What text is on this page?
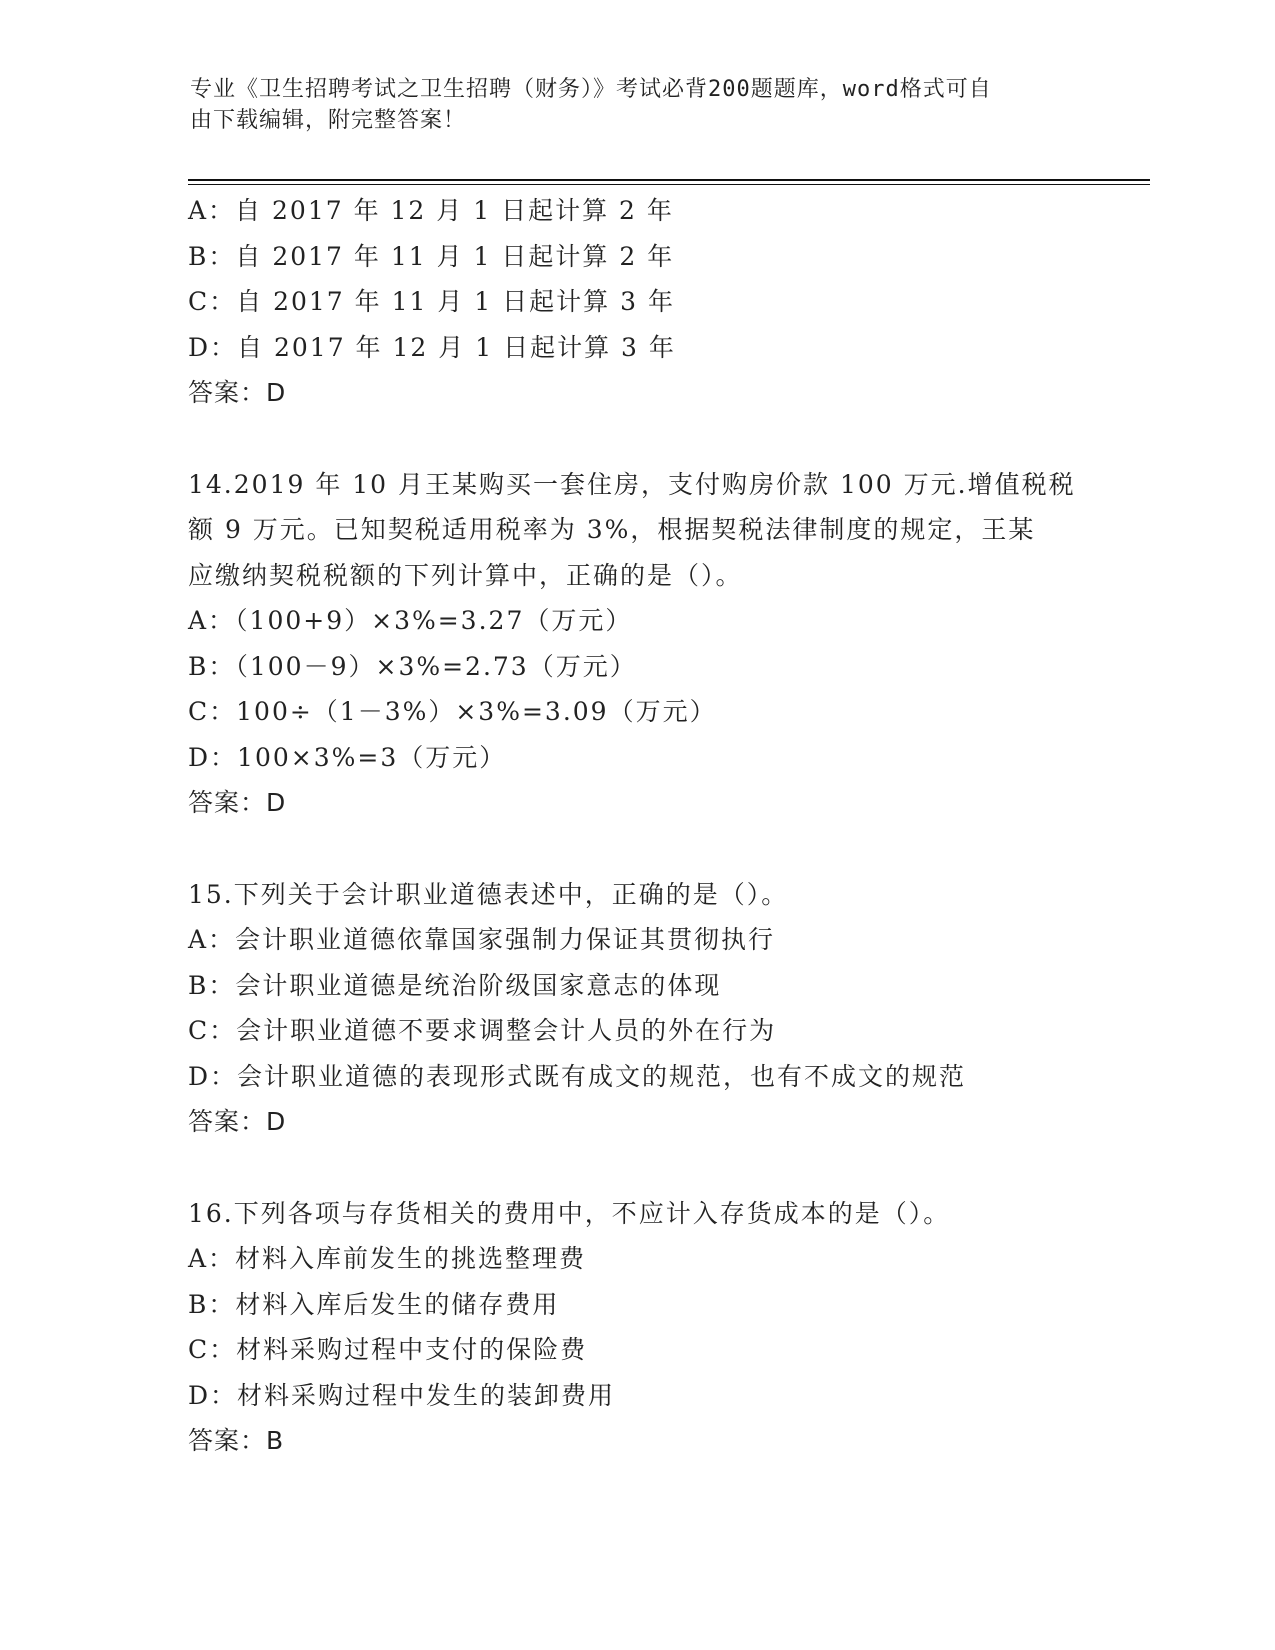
专业《卫生招聘考试之卫生招聘（财务）》考试必背200题题库，word格式可自
由下载编辑，附完整答案！
A：自 2017 年 12 月 1 日起计算 2 年
B：自 2017 年 11 月 1 日起计算 2 年
C：自 2017 年 11 月 1 日起计算 3 年
D：自 2017 年 12 月 1 日起计算 3 年
答案：D
14.2019 年 10 月王某购买一套住房，支付购房价款 100 万元.增值税税
额 9 万元。已知契税适用税率为 3%，根据契税法律制度的规定，王某
应缴纳契税税额的下列计算中，正确的是（）。
A：（100+9）×3%=3.27（万元）
B：（100－9）×3%=2.73（万元）
C：100÷（1－3%）×3%=3.09（万元）
D：100×3%=3（万元）
答案：D
15.下列关于会计职业道德表述中，正确的是（）。
A：会计职业道德依靠国家强制力保证其贯彻执行
B：会计职业道德是统治阶级国家意志的体现
C：会计职业道德不要求调整会计人员的外在行为
D：会计职业道德的表现形式既有成文的规范，也有不成文的规范
答案：D
16.下列各项与存货相关的费用中，不应计入存货成本的是（）。
A：材料入库前发生的挑选整理费
B：材料入库后发生的储存费用
C：材料采购过程中支付的保险费
D：材料采购过程中发生的装卸费用
答案：B
